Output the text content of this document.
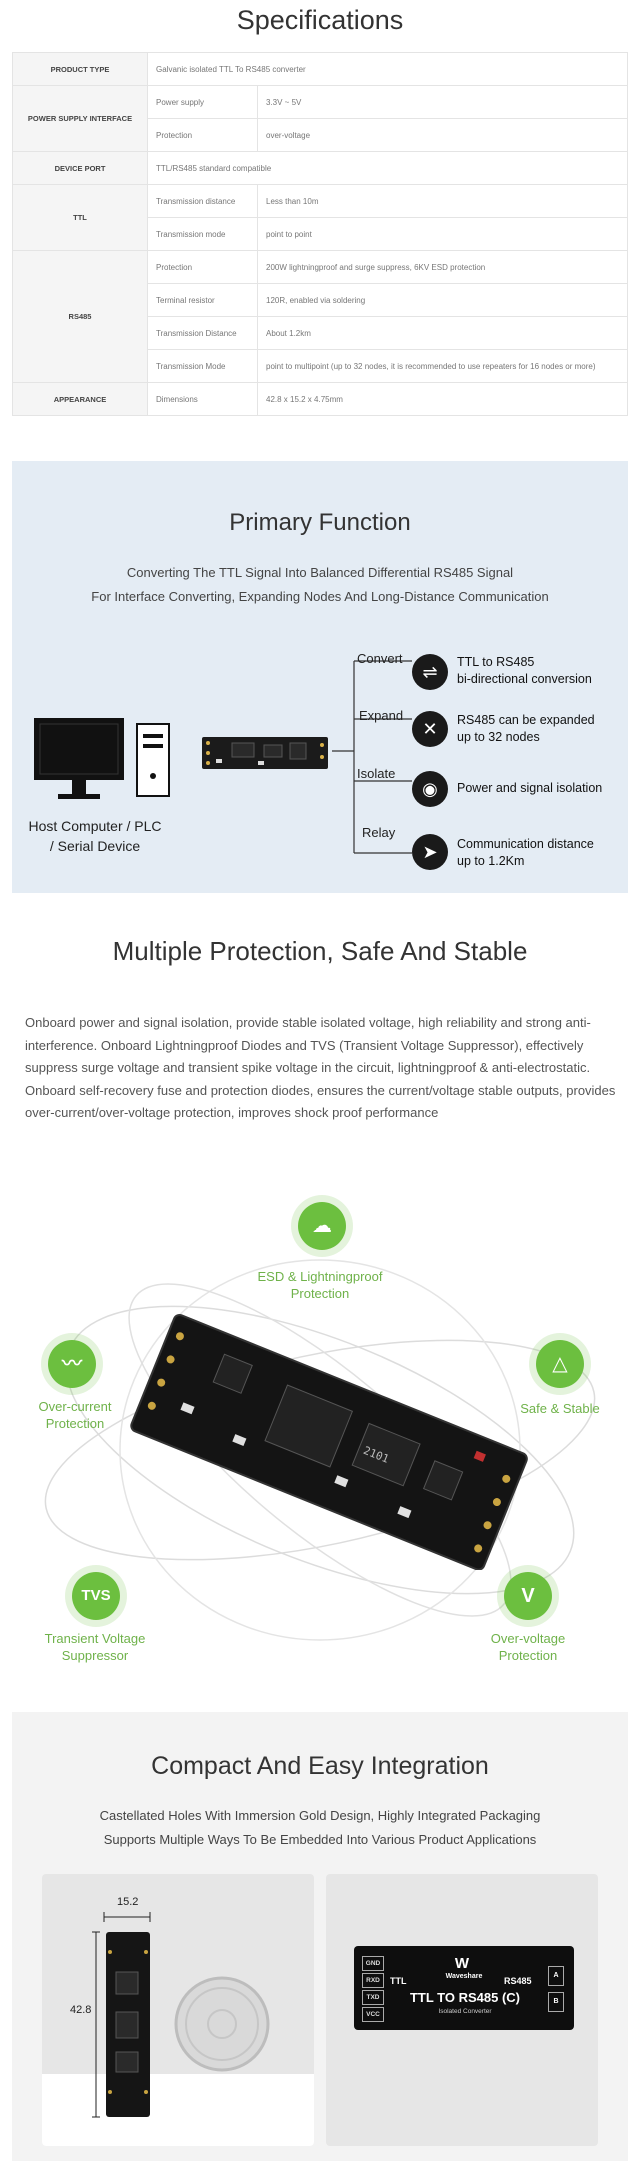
Specifications
PRODUCT TYPE	Galvanic isolated TTL To RS485 converter	
POWER SUPPLY INTERFACE	Power supply	3.3V ~ 5V
	Protection	over-voltage
DEVICE PORT	TTL/RS485 standard compatible	
TTL	Transmission distance	Less than 10m
	Transmission mode	point to point
RS485	Protection	200W lightningproof and surge suppress, 6KV ESD protection
	Terminal resistor	120R, enabled via soldering
	Transmission Distance	About 1.2km
	Transmission Mode	point to multipoint (up to 32 nodes, it is recommended to use repeaters for 16 nodes or more)
APPEARANCE	Dimensions	42.8 x 15.2 x 4.75mm
Primary Function
Converting The TTL Signal Into Balanced Differential RS485 Signal
For Interface Converting, Expanding Nodes And Long-Distance Communication
Host Computer / PLC
/ Serial Device
Convert
⇌	TTL to RS485
bi-directional conversion
Expand
✕	RS485 can be expanded
up to 32 nodes
Isolate
◉	Power and signal isolation
Relay
➤	Communication distance
up to 1.2Km
Multiple Protection, Safe And Stable
Onboard power and signal isolation, provide stable isolated voltage, high reliability and strong anti-interference. Onboard Lightningproof Diodes and TVS (Transient Voltage Suppressor), effectively suppress surge voltage and transient spike voltage in the circuit, lightningproof & anti-electrostatic. Onboard self-recovery fuse and protection diodes, ensures the current/voltage stable outputs, provides over-current/over-voltage protection, improves shock proof performance
2101
☁
ESD & Lightningproof
Protection
〰
Over-current
Protection
△
Safe & Stable
TVS
Transient Voltage
Suppressor
V
Over-voltage
Protection
Compact And Easy Integration
Castellated Holes With Immersion Gold Design, Highly Integrated Packaging
Supports Multiple Ways To Be Embedded Into Various Product Applications
15.2
42.8
GND
RXD
TXD
VCC
W
Waveshare
TTL	RS485
TTL TO RS485 (C)
Isolated Converter
A
B
